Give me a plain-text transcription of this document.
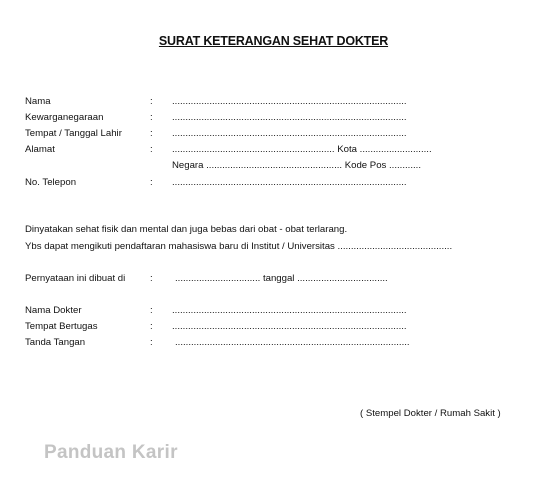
SURAT KETERANGAN SEHAT DOKTER
Nama	: ........................................................................................
Kewarganegaraan	: ........................................................................................
Tempat / Tanggal Lahir	: ........................................................................................
Alamat	: ............................................................. Kota ...........................
Negara ................................................... Kode Pos ............
No. Telepon	: ........................................................................................
Dinyatakan sehat fisik dan mental dan juga bebas dari obat - obat terlarang.
Ybs dapat mengikuti pendaftaran mahasiswa baru di Institut / Universitas ...........................................
Pernyataan ini dibuat di	: ................................ tanggal ..................................
Nama Dokter	: ........................................................................................
Tempat Bertugas	: ........................................................................................
Tanda Tangan	: ........................................................................................
( Stempel Dokter / Rumah Sakit )
Panduan Karir
